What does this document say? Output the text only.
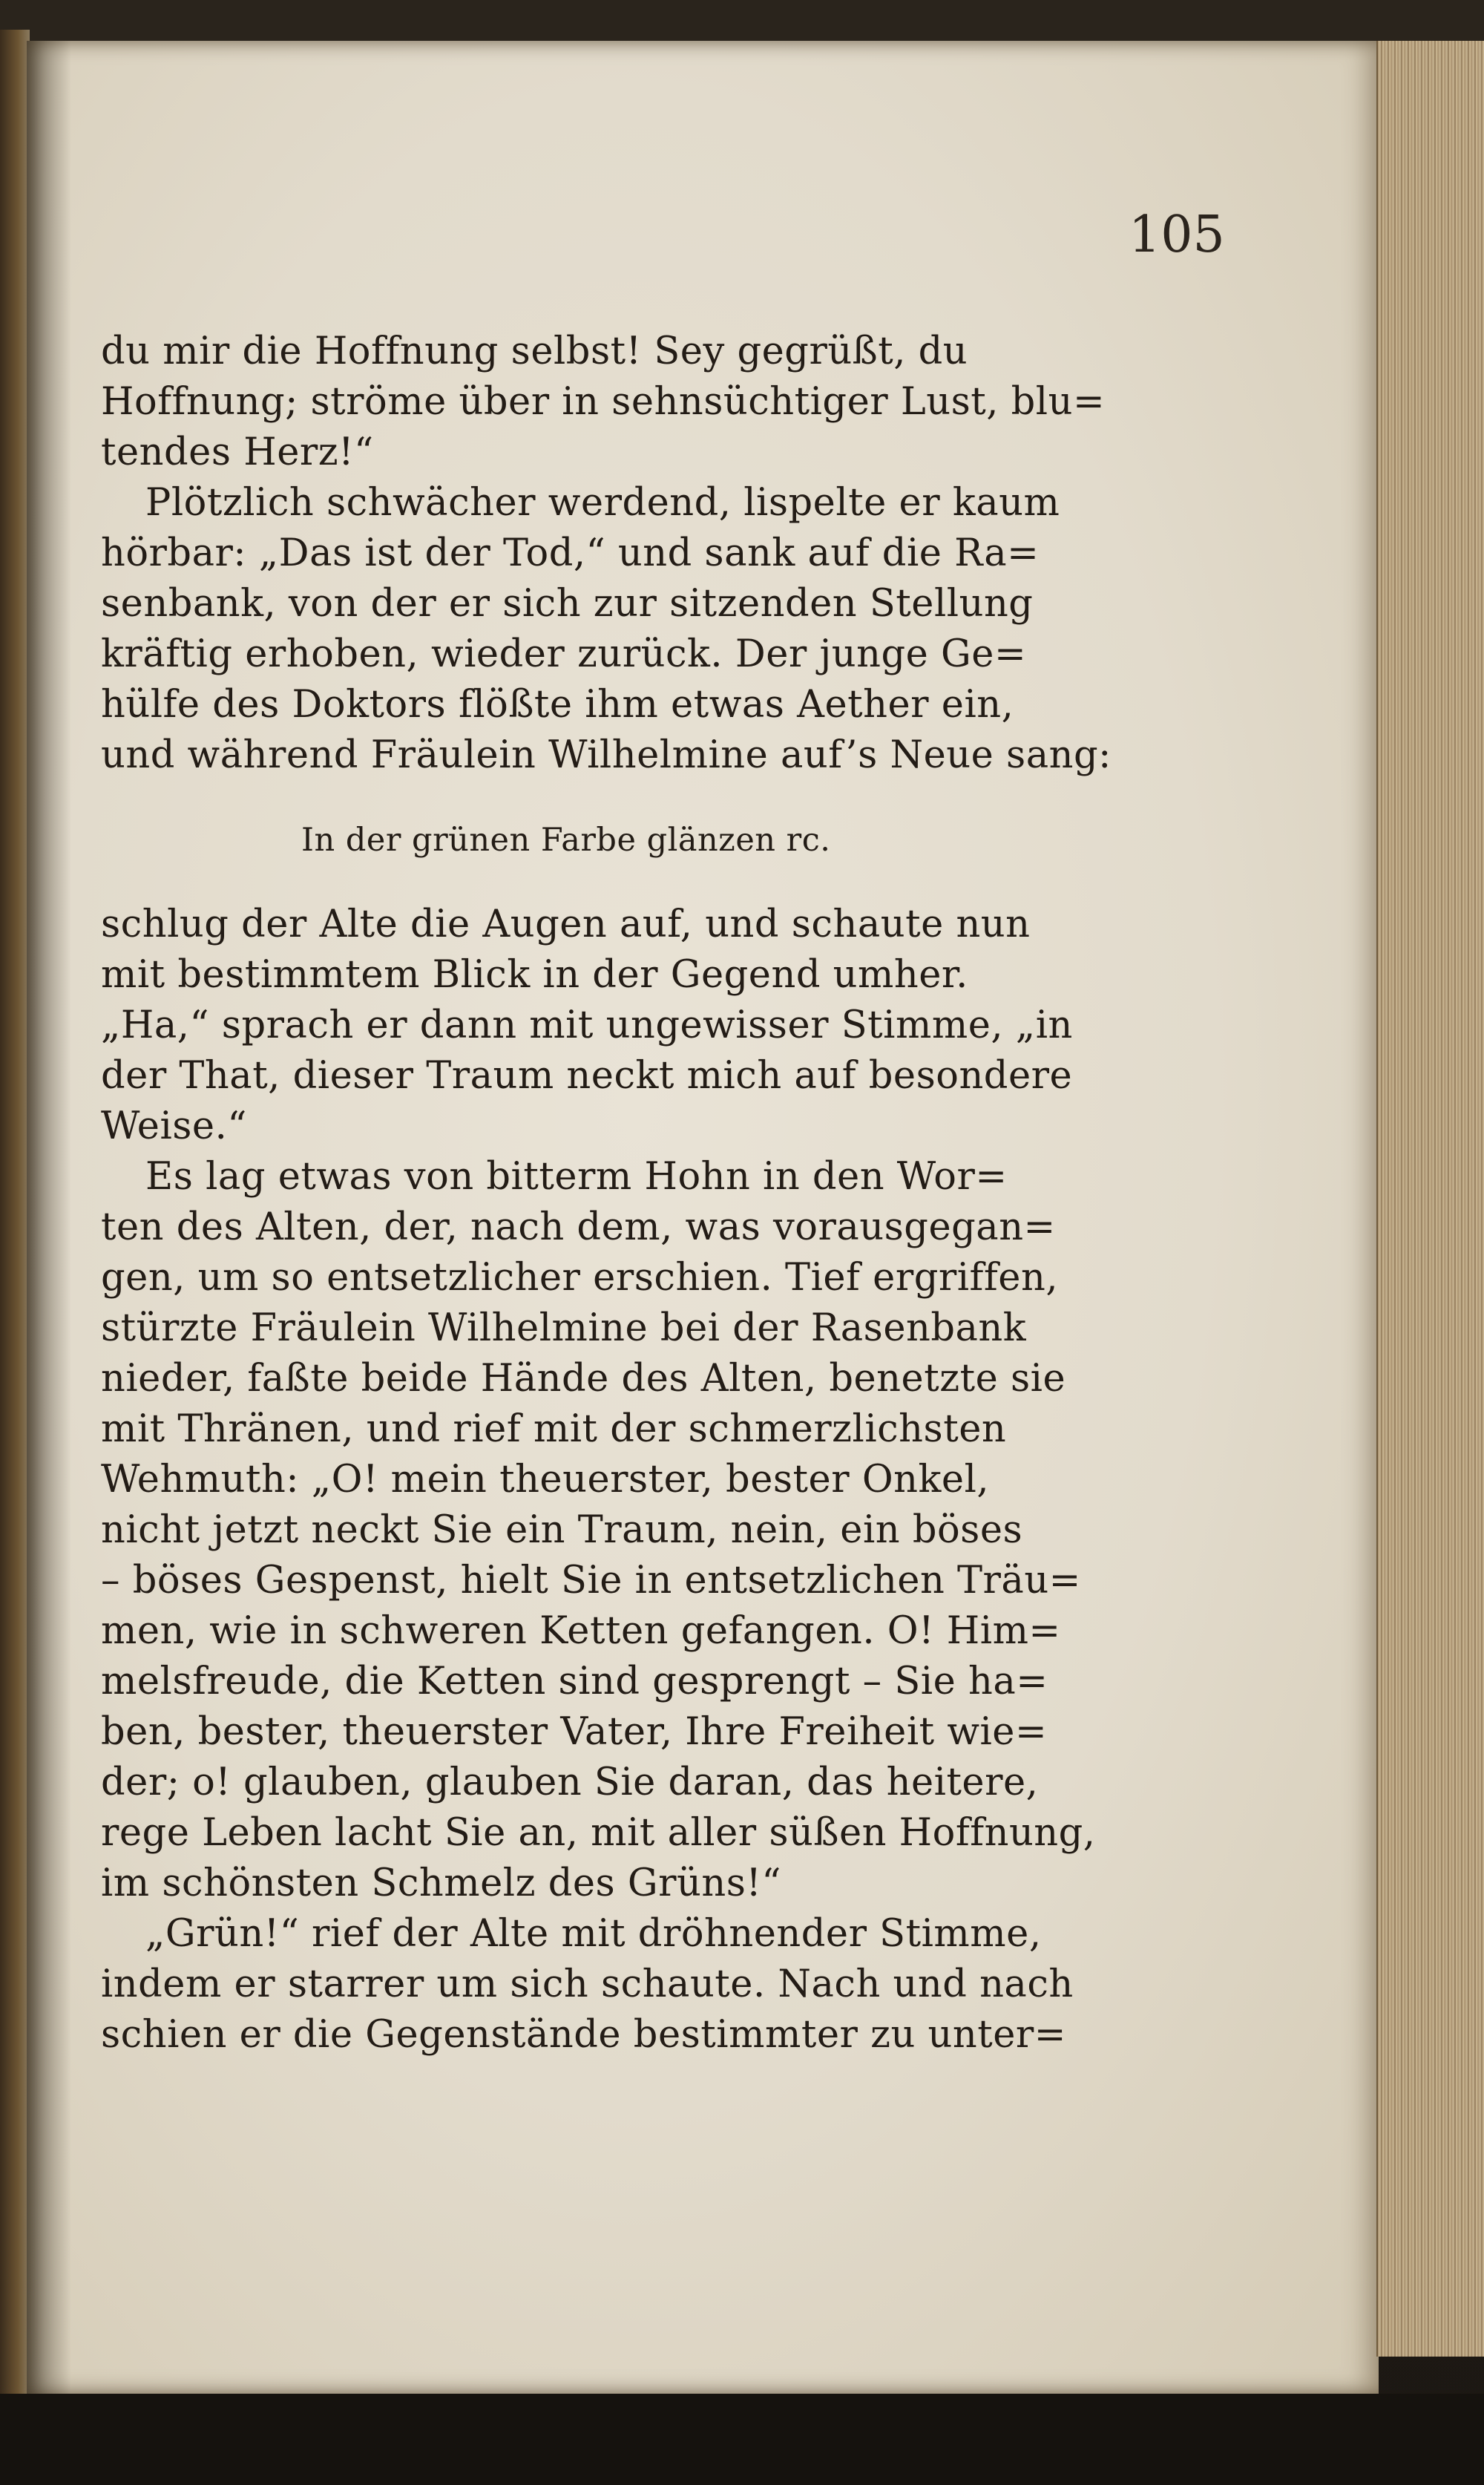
105

du mir die Hoffnung selbst! Sey gegrüßt, du
Hoffnung; ströme über in sehnsüchtiger Lust, blu=
tendes Herz!“

Plötzlich schwächer werdend, lispelte er kaum
hörbar: „Das ist der Tod,“ und sank auf die Ra=
senbank, von der er sich zur sitzenden Stellung
kräftig erhoben, wieder zurück. Der junge Ge=
hülfe des Doktors flößte ihm etwas Aether ein,
und während Fräulein Wilhelmine auf’s Neue sang:

In der grünen Farbe glänzen rc.

schlug der Alte die Augen auf, und schaute nun
mit bestimmtem Blick in der Gegend umher.
„Ha,“ sprach er dann mit ungewisser Stimme, „in
der That, dieser Traum neckt mich auf besondere
Weise.“

Es lag etwas von bitterm Hohn in den Wor=
ten des Alten, der, nach dem, was vorausgegan=
gen, um so entsetzlicher erschien. Tief ergriffen,
stürzte Fräulein Wilhelmine bei der Rasenbank
nieder, faßte beide Hände des Alten, benetzte sie
mit Thränen, und rief mit der schmerzlichsten
Wehmuth: „O! mein theuerster, bester Onkel,
nicht jetzt neckt Sie ein Traum, nein, ein böses
– böses Gespenst, hielt Sie in entsetzlichen Träu=
men, wie in schweren Ketten gefangen. O! Him=
melsfreude, die Ketten sind gesprengt – Sie ha=
ben, bester, theuerster Vater, Ihre Freiheit wie=
der; o! glauben, glauben Sie daran, das heitere,
rege Leben lacht Sie an, mit aller süßen Hoffnung,
im schönsten Schmelz des Grüns!“

„Grün!“ rief der Alte mit dröhnender Stimme,
indem er starrer um sich schaute. Nach und nach
schien er die Gegenstände bestimmter zu unter=
